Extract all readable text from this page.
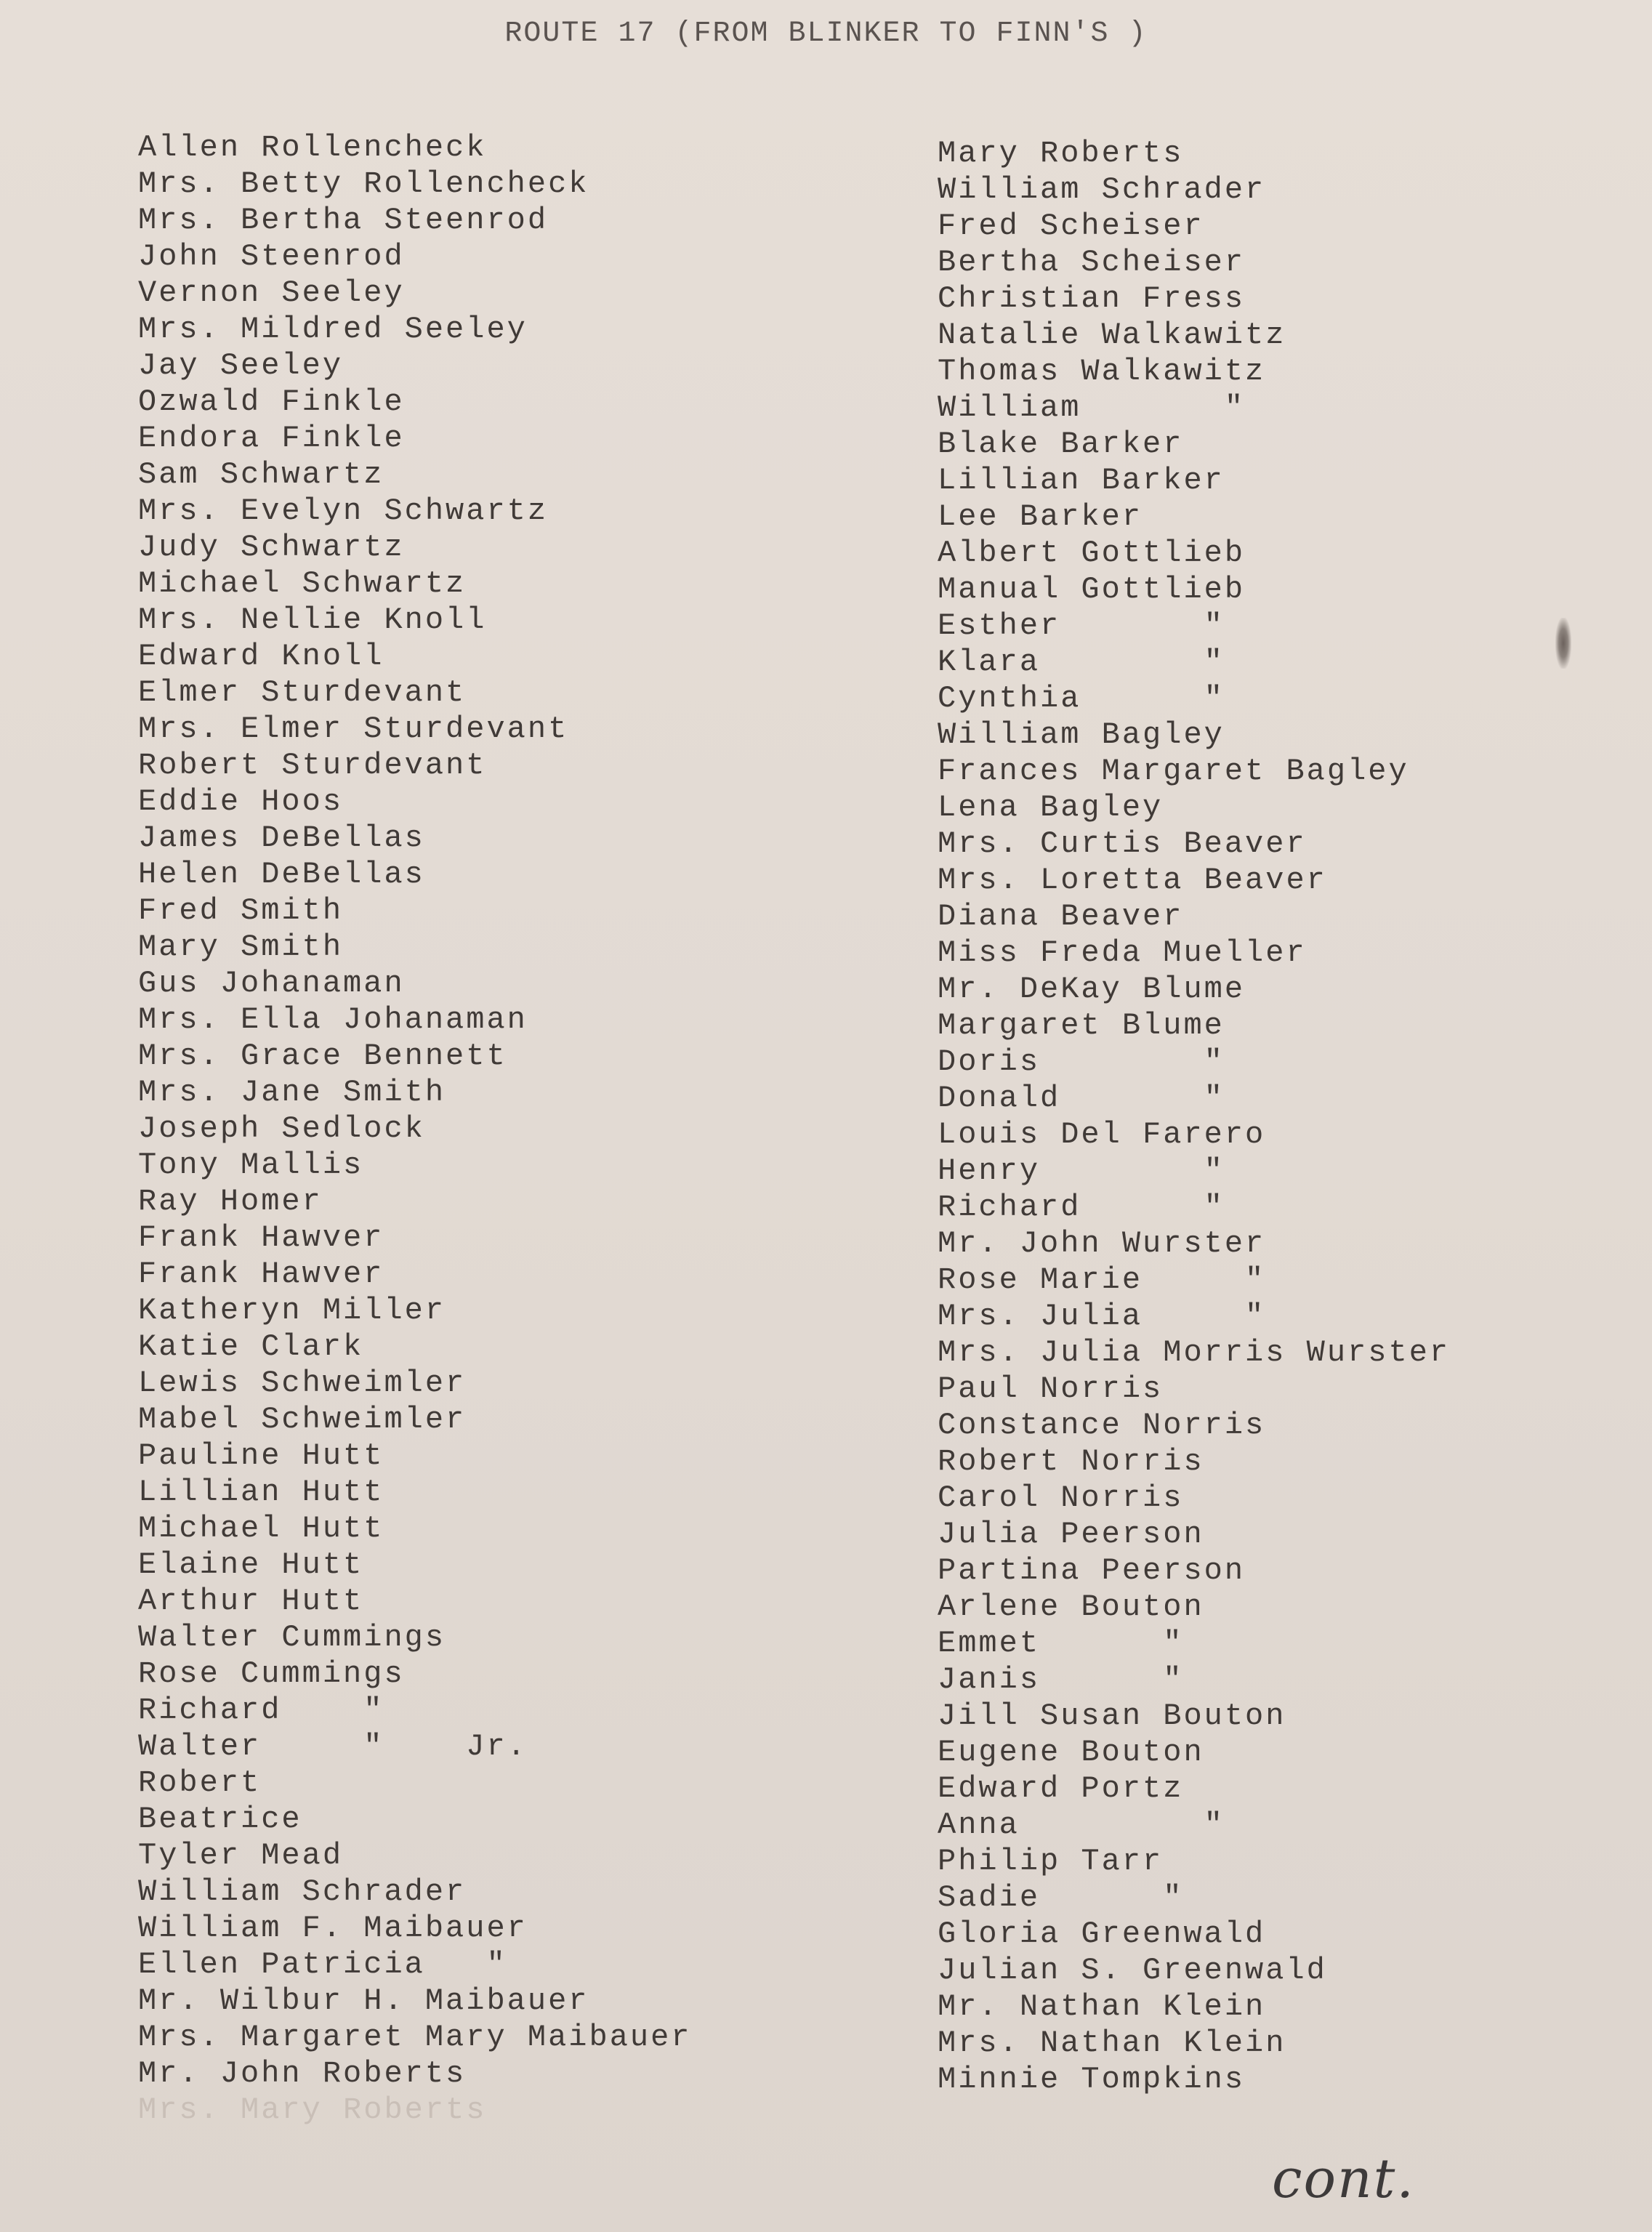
ROUTE 17 (FROM BLINKER TO FINN'S )
Allen Rollencheck
Mrs. Betty Rollencheck
Mrs. Bertha Steenrod
John Steenrod
Vernon Seeley
Mrs. Mildred Seeley
Jay Seeley
Ozwald Finkle
Endora Finkle
Sam Schwartz
Mrs. Evelyn Schwartz
Judy Schwartz
Michael Schwartz
Mrs. Nellie Knoll
Edward Knoll
Elmer Sturdevant
Mrs. Elmer Sturdevant
Robert Sturdevant
Eddie Hoos
James DeBellas
Helen DeBellas
Fred Smith
Mary Smith
Gus Johanaman
Mrs. Ella Johanaman
Mrs. Grace Bennett
Mrs. Jane Smith
Joseph Sedlock
Tony Mallis
Ray Homer
Frank Hawver
Frank Hawver
Katheryn Miller
Katie Clark
Lewis Schweimler
Mabel Schweimler
Pauline Hutt
Lillian Hutt
Michael Hutt
Elaine Hutt
Arthur Hutt
Walter Cummings
Rose Cummings
Richard    "
Walter     "    Jr.
Robert
Beatrice
Tyler Mead
William Schrader
William F. Maibauer
Ellen Patricia   "
Mr. Wilbur H. Maibauer
Mrs. Margaret Mary Maibauer
Mr. John Roberts
Mrs. Mary Roberts
Mary Roberts
William Schrader
Fred Scheiser
Bertha Scheiser
Christian Fress
Natalie Walkawitz
Thomas Walkawitz
William       "
Blake Barker
Lillian Barker
Lee Barker
Albert Gottlieb
Manual Gottlieb
Esther       "
Klara        "
Cynthia      "
William Bagley
Frances Margaret Bagley
Lena Bagley
Mrs. Curtis Beaver
Mrs. Loretta Beaver
Diana Beaver
Miss Freda Mueller
Mr. DeKay Blume
Margaret Blume
Doris        "
Donald       "
Louis Del Farero
Henry        "
Richard      "
Mr. John Wurster
Rose Marie     "
Mrs. Julia     "
Mrs. Julia Morris Wurster
Paul Norris
Constance Norris
Robert Norris
Carol Norris
Julia Peerson
Partina Peerson
Arlene Bouton
Emmet      "
Janis      "
Jill Susan Bouton
Eugene Bouton
Edward Portz
Anna         "
Philip Tarr
Sadie      "
Gloria Greenwald
Julian S. Greenwald
Mr. Nathan Klein
Mrs. Nathan Klein
Minnie Tompkins
cont.
